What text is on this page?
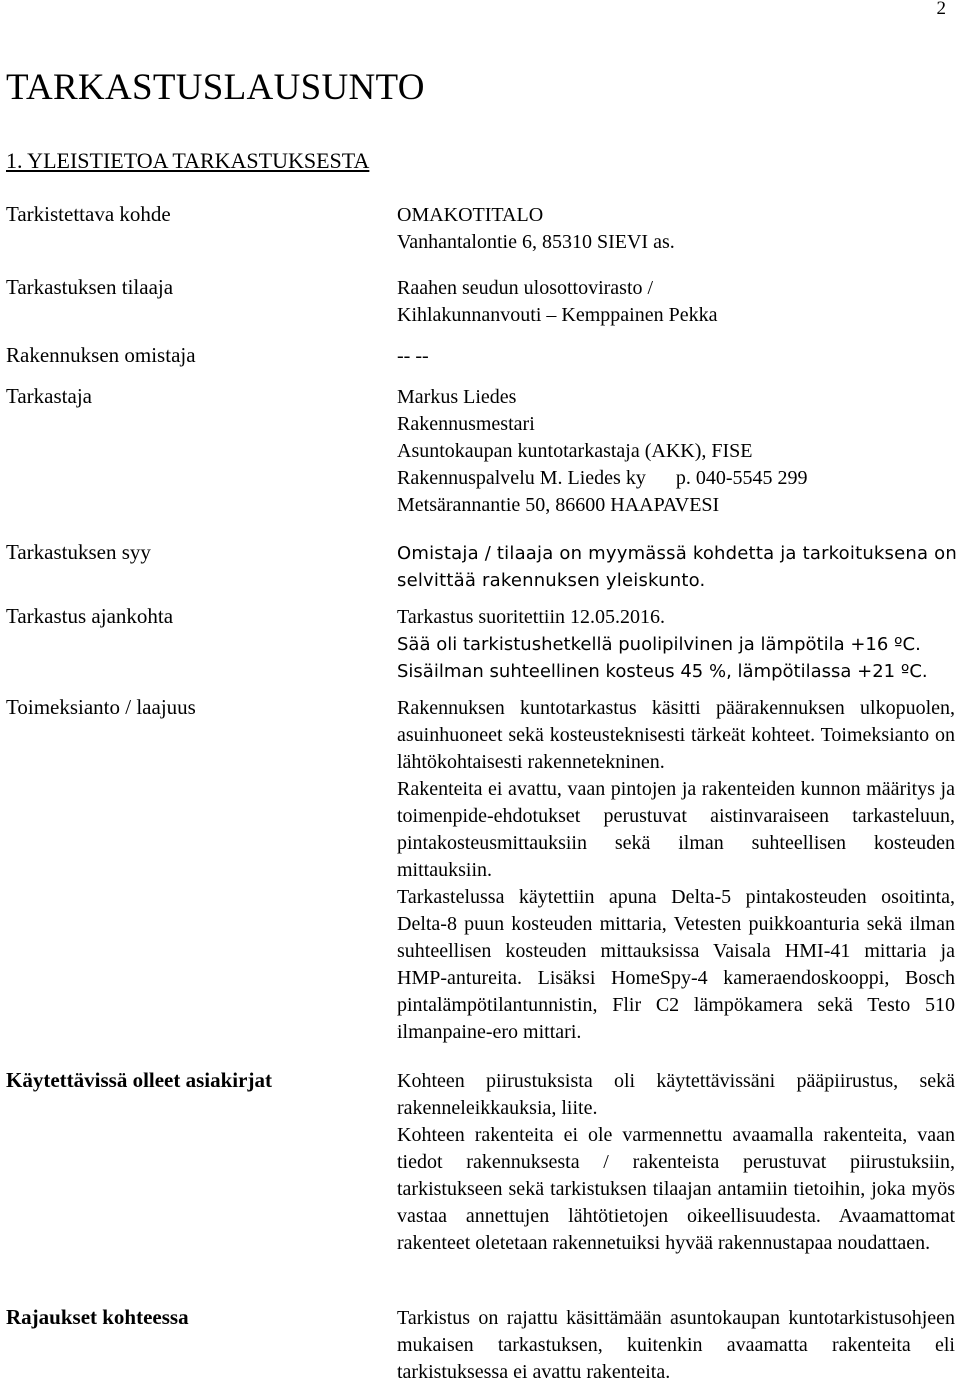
2
TARKASTUSLAUSUNTO
1. YLEISTIETOA TARKASTUKSESTA
Tarkistettava kohde	OMAKOTITALO
Vanhantalontie 6, 85310 SIEVI as.
Tarkastuksen tilaaja	Raahen seudun ulosottovirasto /
Kihlakunnanvouti – Kemppainen Pekka
Rakennuksen omistaja	-- --
Tarkastaja	Markus Liedes
Rakennusmestari
Asuntokaupan kuntotarkastaja (AKK), FISE
Rakennuspalvelu M. Liedes ky      p. 040-5545 299
Metsärannantie 50, 86600 HAAPAVESI
Tarkastuksen syy	Omistaja / tilaaja on myymässä kohdetta ja tarkoituksena on selvittää rakennuksen yleiskunto.
Tarkastus ajankohta	Tarkastus suoritettiin 12.05.2016.
Sää oli tarkistushetkellä puolipilvinen ja lämpötila +16 ºC.
Sisäilman suhteellinen kosteus 45 %, lämpötilassa +21 ºC.
Toimeksianto / laajuus	Rakennuksen kuntotarkastus käsitti päärakennuksen ulkopuolen, asuinhuoneet sekä kosteusteknisesti tärkeät kohteet. Toimeksianto on lähtökohtaisesti rakennetekninen.

Rakenteita ei avattu, vaan pintojen ja rakenteiden kunnon määritys ja toimenpide-ehdotukset perustuvat aistinvaraiseen tarkasteluun, pintakosteusmittauksiin sekä ilman suhteellisen kosteuden mittauksiin.

Tarkastelussa käytettiin apuna Delta-5 pintakosteuden osoitinta, Delta-8 puun kosteuden mittaria, Vetesten puikkoanturia sekä ilman suhteellisen kosteuden mittauksissa Vaisala HMI-41 mittaria ja HMP-antureita. Lisäksi HomeSpy-4 kameraendoskooppi, Bosch pintalämpötilantunnistin, Flir C2 lämpökamera sekä Testo 510 ilmanpaine-ero mittari.

Käytettävissä olleet asiakirjat	Kohteen piirustuksista oli käytettävissäni pääpiirustus, sekä rakenneleikkauksia, liite.

Kohteen rakenteita ei ole varmennettu avaamalla rakenteita, vaan tiedot rakennuksesta / rakenteista perustuvat piirustuksiin, tarkistukseen sekä tarkistuksen tilaajan antamiin tietoihin, joka myös vastaa annettujen lähtötietojen oikeellisuudesta. Avaamattomat rakenteet oletetaan rakennetuiksi hyvää rakennustapaa noudattaen.

Rajaukset kohteessa	Tarkistus on rajattu käsittämään asuntokaupan kuntotarkistusohjeen mukaisen tarkastuksen, kuitenkin avaamatta rakenteita eli tarkistuksessa ei avattu rakenteita.
